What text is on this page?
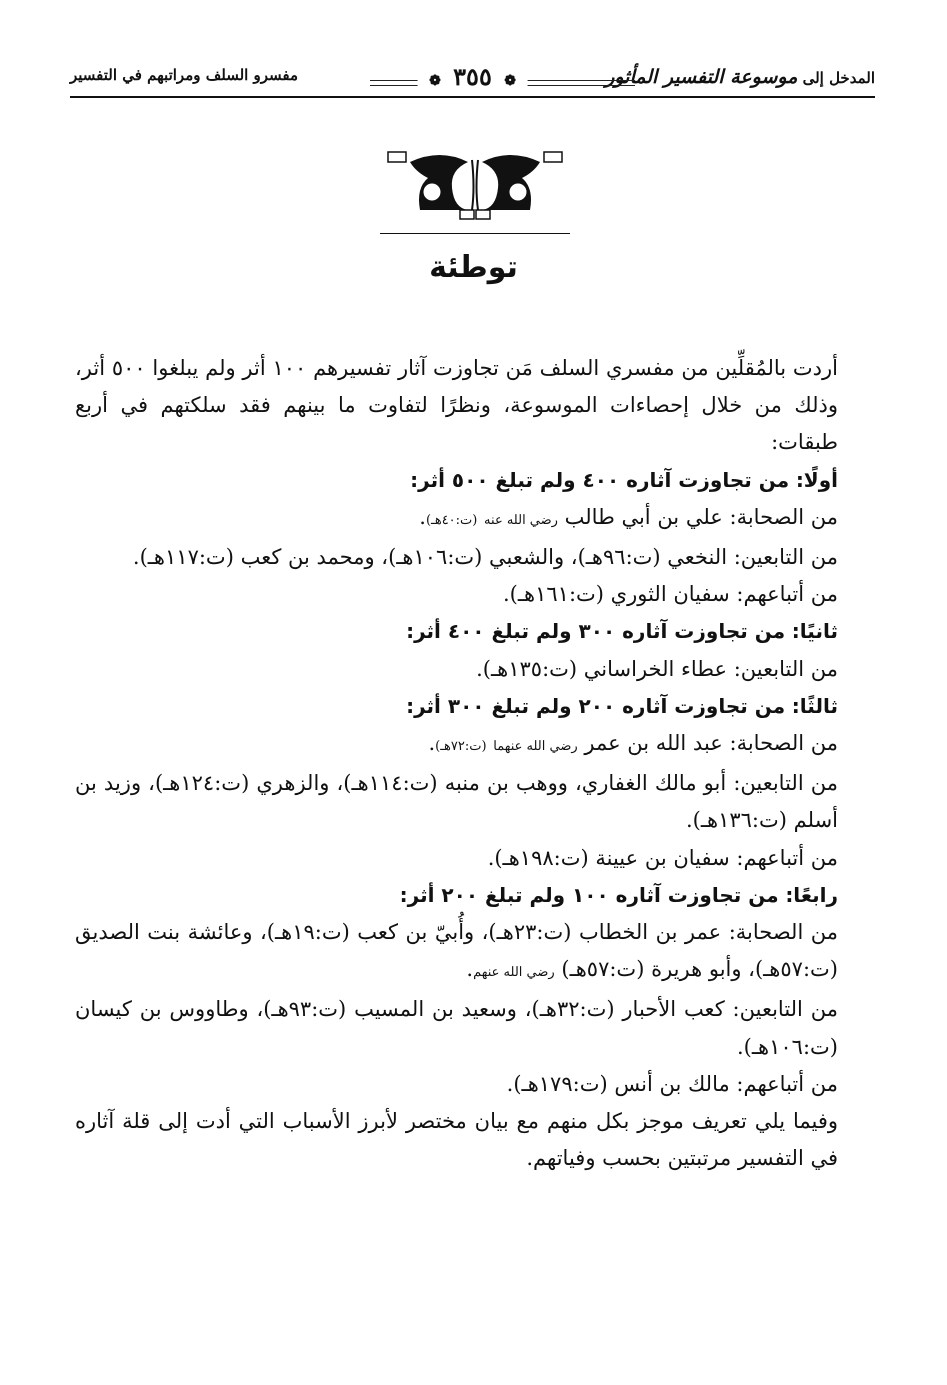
المدخل إلى موسوعة التفسير المأثور
❁ ٣٥٥ ❁
مفسرو السلف ومراتبهم في التفسير
توطئة

أردت بالمُقلِّين من مفسري السلف مَن تجاوزت آثار تفسيرهم ١٠٠ أثر ولم يبلغوا ٥٠٠ أثر، وذلك من خلال إحصاءات الموسوعة، ونظرًا لتفاوت ما بينهم فقد سلكتهم في أربع طبقات:

أولًا: من تجاوزت آثاره ٤٠٠ ولم تبلغ ٥٠٠ أثر:

من الصحابة: علي بن أبي طالب رضي الله عنه (ت:٤٠هـ).

من التابعين: النخعي (ت:٩٦هـ)، والشعبي (ت:١٠٦هـ)، ومحمد بن كعب (ت:١١٧هـ).

من أتباعهم: سفيان الثوري (ت:١٦١هـ).

ثانيًا: من تجاوزت آثاره ٣٠٠ ولم تبلغ ٤٠٠ أثر:

من التابعين: عطاء الخراساني (ت:١٣٥هـ).

ثالثًا: من تجاوزت آثاره ٢٠٠ ولم تبلغ ٣٠٠ أثر:

من الصحابة: عبد الله بن عمر رضي الله عنهما (ت:٧٢هـ).

من التابعين: أبو مالك الغفاري، ووهب بن منبه (ت:١١٤هـ)، والزهري (ت:١٢٤هـ)، وزيد بن أسلم (ت:١٣٦هـ).

من أتباعهم: سفيان بن عيينة (ت:١٩٨هـ).

رابعًا: من تجاوزت آثاره ١٠٠ ولم تبلغ ٢٠٠ أثر:

من الصحابة: عمر بن الخطاب (ت:٢٣هـ)، وأُبيّ بن كعب (ت:١٩هـ)، وعائشة بنت الصديق (ت:٥٧هـ)، وأبو هريرة (ت:٥٧هـ) رضي الله عنهم.

من التابعين: كعب الأحبار (ت:٣٢هـ)، وسعيد بن المسيب (ت:٩٣هـ)، وطاووس بن كيسان (ت:١٠٦هـ).

من أتباعهم: مالك بن أنس (ت:١٧٩هـ).

وفيما يلي تعريف موجز بكل منهم مع بيان مختصر لأبرز الأسباب التي أدت إلى قلة آثاره في التفسير مرتبتين بحسب وفياتهم.
